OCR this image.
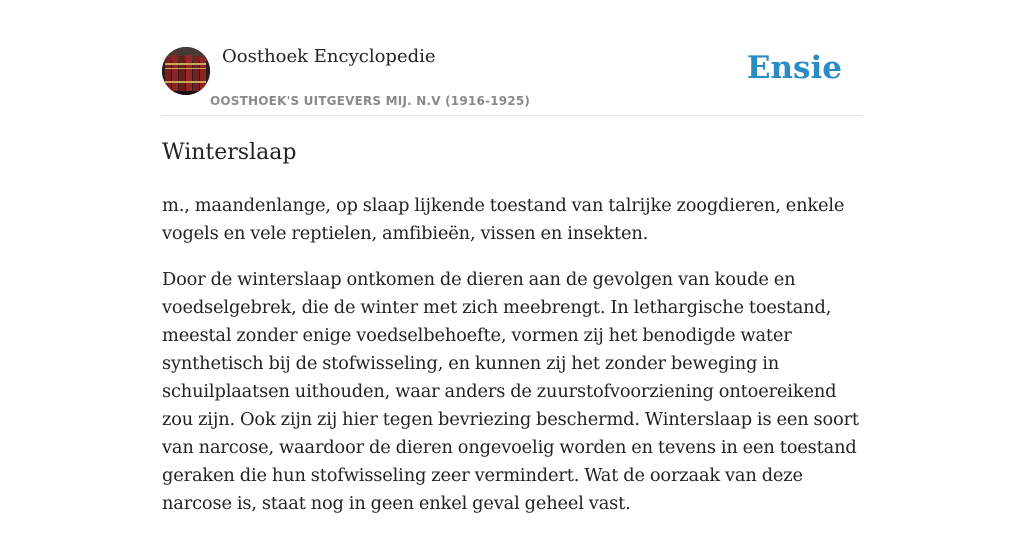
Oosthoek Encyclopedie
OOSTHOEK'S UITGEVERS MIJ. N.V (1916-1925)
Ensie
Winterslaap

m., maandenlange, op slaap lijkende toestand van talrijke zoogdieren, enkele vogels en vele reptielen, amfibieën, vissen en insekten.

Door de winterslaap ontkomen de dieren aan de gevolgen van koude en voedselgebrek, die de winter met zich meebrengt. In lethargische toestand, meestal zonder enige voedselbehoefte, vormen zij het benodigde water synthetisch bij de stofwisseling, en kunnen zij het zonder beweging in schuilplaatsen uithouden, waar anders de zuurstofvoorziening ontoereikend zou zijn. Ook zijn zij hier tegen bevriezing beschermd. Winterslaap is een soort van narcose, waardoor de dieren ongevoelig worden en tevens in een toestand geraken die hun stofwisseling zeer vermindert. Wat de oorzaak van deze narcose is, staat nog in geen enkel geval geheel vast.
